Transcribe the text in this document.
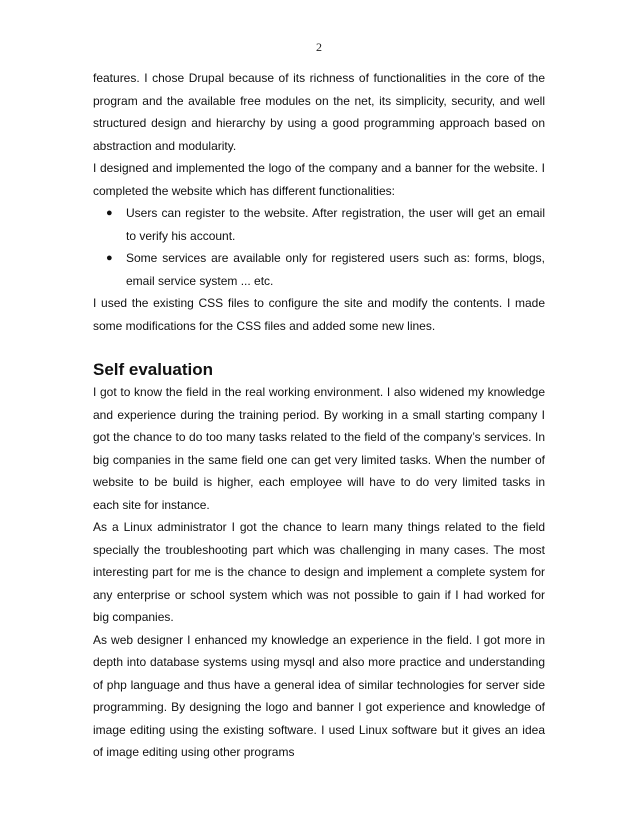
2

features. I chose Drupal because of its richness of functionalities in the core of the program and the available free modules on the net, its simplicity, security, and well structured design and hierarchy by using a good programming approach based on abstraction and modularity.

I designed and implemented the logo of the company and a banner for the website. I completed the website which has different functionalities:

● Users can register to the website. After registration, the user will get an email to verify his account.
● Some services are available only for registered users such as: forms, blogs, email service system ... etc.

I used the existing CSS files to configure the site and modify the contents. I made some modifications for the CSS files and added some new lines.

Self evaluation

I got to know the field in the real working environment. I also widened my knowledge and experience during the training period. By working in a small starting company I got the chance to do too many tasks related to the field of the company’s services. In big companies in the same field one can get very limited tasks. When the number of website to be build is higher, each employee will have to do very limited tasks in each site for instance.

As a Linux administrator I got the chance to learn many things related to the field specially the troubleshooting part which was challenging in many cases. The most interesting part for me is the chance to design and implement a complete system for any enterprise or school system which was not possible to gain if I had worked for big companies.

As web designer I enhanced my knowledge an experience in the field. I got more in depth into database systems using mysql and also more practice and understanding of php language and thus have a general idea of similar technologies for server side programming. By designing the logo and banner I got experience and knowledge of image editing using the existing software. I used Linux software but it gives an idea of image editing using other programs
